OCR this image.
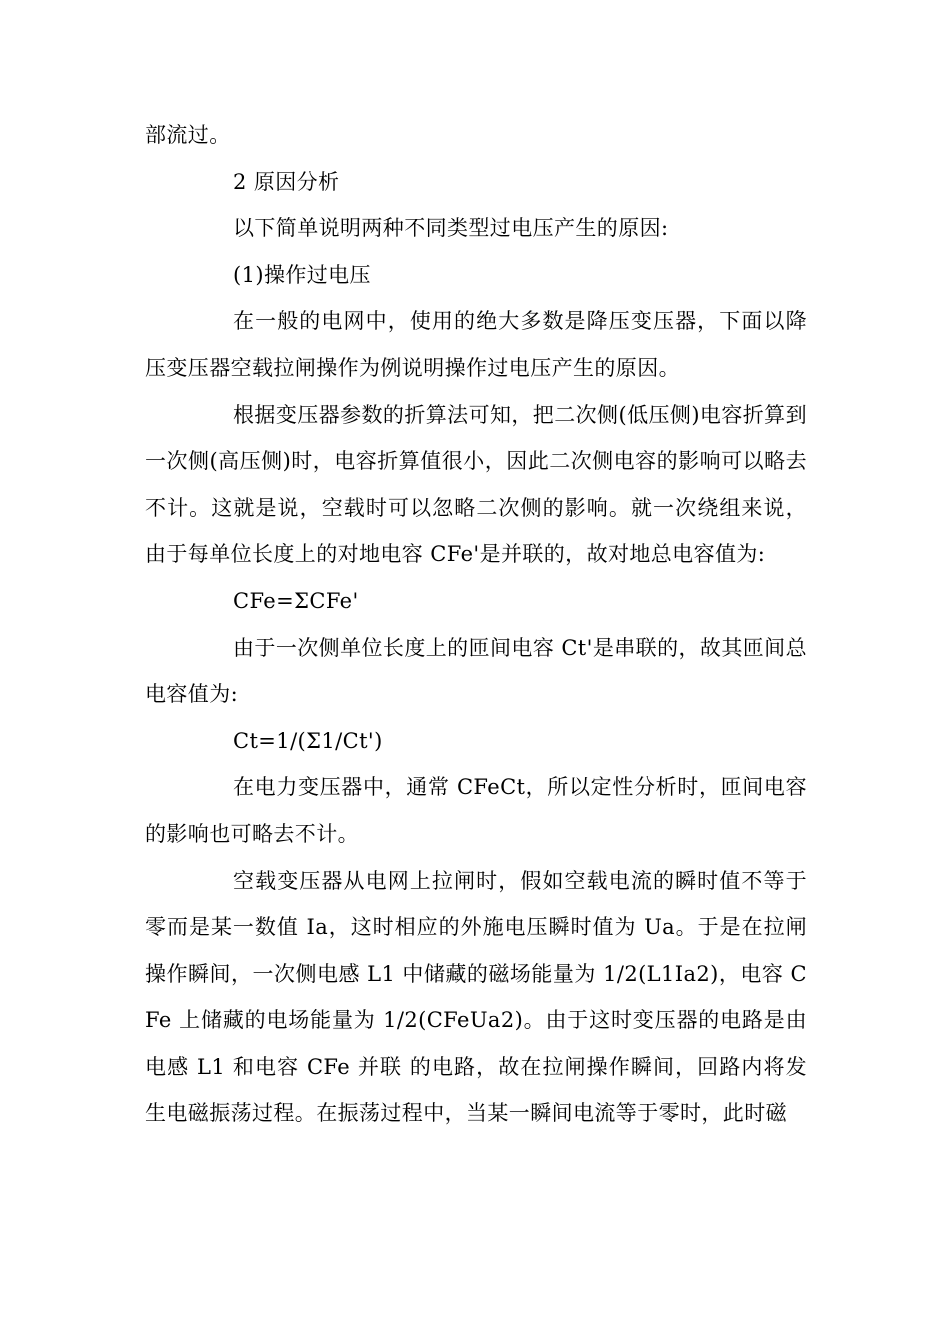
部流过。

2 原因分析

以下简单说明两种不同类型过电压产生的原因:

(1)操作过电压

在一般的电网中，使用的绝大多数是降压变压器，下面以降压变压器空载拉闸操作为例说明操作过电压产生的原因。

根据变压器参数的折算法可知，把二次侧(低压侧)电容折算到一次侧(高压侧)时，电容折算值很小，因此二次侧电容的影响可以略去不计。这就是说，空载时可以忽略二次侧的影响。就一次绕组来说，由于每单位长度上的对地电容 CFe'是并联的，故对地总电容值为:

CFe=ΣCFe'

由于一次侧单位长度上的匝间电容 Ct'是串联的，故其匝间总电容值为:

Ct=1/(Σ1/Ct')

在电力变压器中，通常 CFeCt，所以定性分析时，匝间电容的影响也可略去不计。

空载变压器从电网上拉闸时，假如空载电流的瞬时值不等于零而是某一数值 Ia，这时相应的外施电压瞬时值为 Ua。于是在拉闸操作瞬间，一次侧电感 L1 中储藏的磁场能量为 1/2(L1Ia2)，电容 CFe 上储藏的电场能量为 1/2(CFeUa2)。由于这时变压器的电路是由电感 L1 和电容 CFe 并联 的电路，故在拉闸操作瞬间，回路内将发生电磁振荡过程。在振荡过程中，当某一瞬间电流等于零时，此时磁
